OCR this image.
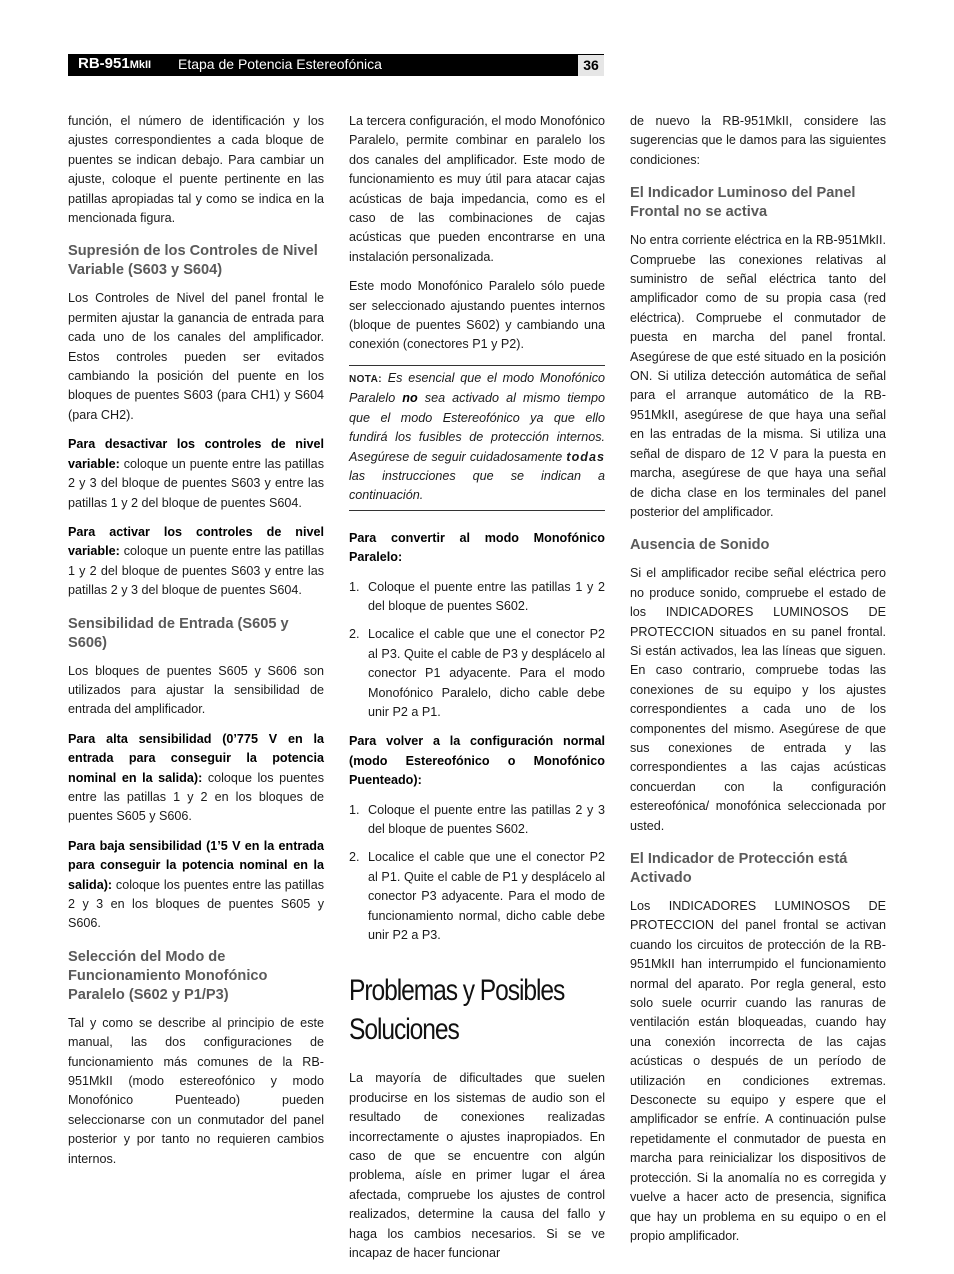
RB-951MkII Etapa de Potencia Estereofónica	36

función, el número de identificación y los ajustes correspondientes a cada bloque de puentes se indican debajo. Para cambiar un ajuste, coloque el puente pertinente en las patillas apropiadas tal y como se indica en la mencionada figura.

Supresión de los Controles de Nivel Variable (S603 y S604)

Los Controles de Nivel del panel frontal le permiten ajustar la ganancia de entrada para cada uno de los canales del amplificador. Estos controles pueden ser evitados cambiando la posición del puente en los bloques de puentes S603 (para CH1) y S604 (para CH2).

Para desactivar los controles de nivel variable: coloque un puente entre las patillas 2 y 3 del bloque de puentes S603 y entre las patillas 1 y 2 del bloque de puentes S604.

Para activar los controles de nivel variable: coloque un puente entre las patillas 1 y 2 del bloque de puentes S603 y entre las patillas 2 y 3 del bloque de puentes S604.

Sensibilidad de Entrada (S605 y S606)

Los bloques de puentes S605 y S606 son utilizados para ajustar la sensibilidad de entrada del amplificador.

Para alta sensibilidad (0’775 V en la entrada para conseguir la potencia nominal en la salida): coloque los puentes entre las patillas 1 y 2 en los bloques de puentes S605 y S606.

Para baja sensibilidad (1’5 V en la entrada para conseguir la potencia nominal en la salida): coloque los puentes entre las patillas 2 y 3 en los bloques de puentes S605 y S606.

Selección del Modo de Funcionamiento Monofónico Paralelo (S602 y P1/P3)

Tal y como se describe al principio de este manual, las dos configuraciones de funcionamiento más comunes de la RB-951MkII (modo estereofónico y modo Monofónico Puenteado) pueden seleccionarse con un conmutador del panel posterior y por tanto no requieren cambios internos.

La tercera configuración, el modo Monofónico Paralelo, permite combinar en paralelo los dos canales del amplificador. Este modo de funcionamiento es muy útil para atacar cajas acústicas de baja impedancia, como es el caso de las combinaciones de cajas acústicas que pueden encontrarse en una instalación personalizada.

Este modo Monofónico Paralelo sólo puede ser seleccionado ajustando puentes internos (bloque de puentes S602) y cambiando una conexión (conectores P1 y P2).

NOTA: Es esencial que el modo Monofónico Paralelo no sea activado al mismo tiempo que el modo Estereofónico ya que ello fundirá los fusibles de protección internos. Asegúrese de seguir cuidadosamente todas las instrucciones que se indican a continuación.

Para convertir al modo Monofónico Paralelo:

1. Coloque el puente entre las patillas 1 y 2 del bloque de puentes S602.
2. Localice el cable que une el conector P2 al P3. Quite el cable de P3 y desplácelo al conector P1 adyacente. Para el modo Monofónico Paralelo, dicho cable debe unir P2 a P1.

Para volver a la configuración normal (modo Estereofónico o Monofónico Puenteado):

1. Coloque el puente entre las patillas 2 y 3 del bloque de puentes S602.
2. Localice el cable que une el conector P2 al P1. Quite el cable de P1 y desplácelo al conector P3 adyacente. Para el modo de funcionamiento normal, dicho cable debe unir P2 a P3.
Problemas y Posibles Soluciones

La mayoría de dificultades que suelen producirse en los sistemas de audio son el resultado de conexiones realizadas incorrectamente o ajustes inapropiados. En caso de que se encuentre con algún problema, aísle en primer lugar el área afectada, compruebe los ajustes de control realizados, determine la causa del fallo y haga los cambios necesarios. Si se ve incapaz de hacer funcionar

de nuevo la RB-951MkII, considere las sugerencias que le damos para las siguientes condiciones:

El Indicador Luminoso del Panel Frontal no se activa

No entra corriente eléctrica en la RB-951MkII. Compruebe las conexiones relativas al suministro de señal eléctrica tanto del amplificador como de su propia casa (red eléctrica). Compruebe el conmutador de puesta en marcha del panel frontal. Asegúrese de que esté situado en la posición ON. Si utiliza detección automática de señal para el arranque automático de la RB-951MkII, asegúrese de que haya una señal en las entradas de la misma. Si utiliza una señal de disparo de 12 V para la puesta en marcha, asegúrese de que haya una señal de dicha clase en los terminales del panel posterior del amplificador.

Ausencia de Sonido

Si el amplificador recibe señal eléctrica pero no produce sonido, compruebe el estado de los INDICADORES LUMINOSOS DE PROTECCION situados en su panel frontal. Si están activados, lea las líneas que siguen. En caso contrario, compruebe todas las conexiones de su equipo y los ajustes correspondientes a cada uno de los componentes del mismo. Asegúrese de que sus conexiones de entrada y las correspondientes a las cajas acústicas concuerdan con la configuración estereofónica/ monofónica seleccionada por usted.

El Indicador de Protección está Activado

Los INDICADORES LUMINOSOS DE PROTECCION del panel frontal se activan cuando los circuitos de protección de la RB-951MkII han interrumpido el funcionamiento normal del aparato. Por regla general, esto solo suele ocurrir cuando las ranuras de ventilación están bloqueadas, cuando hay una conexión incorrecta de las cajas acústicas o después de un período de utilización en condiciones extremas. Desconecte su equipo y espere que el amplificador se enfríe. A continuación pulse repetidamente el conmutador de puesta en marcha para reinicializar los dispositivos de protección. Si la anomalía no es corregida y vuelve a hacer acto de presencia, significa que hay un problema en su equipo o en el propio amplificador.
